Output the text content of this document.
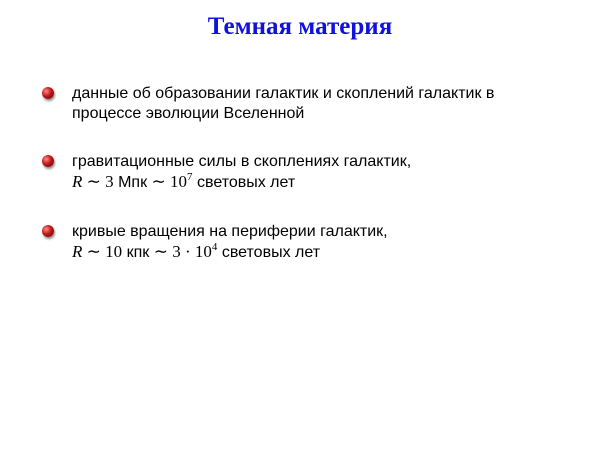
Темная материя
данные об образовании галактик и скоплений галактик в
процессе эволюции Вселенной
гравитационные силы в скоплениях галактик,
R ∼ 3 Мпк ∼ $10^7$ световых лет
кривые вращения на периферии галактик,
R ∼ 10 кпк ∼ $3 \cdot 10^4$ световых лет
